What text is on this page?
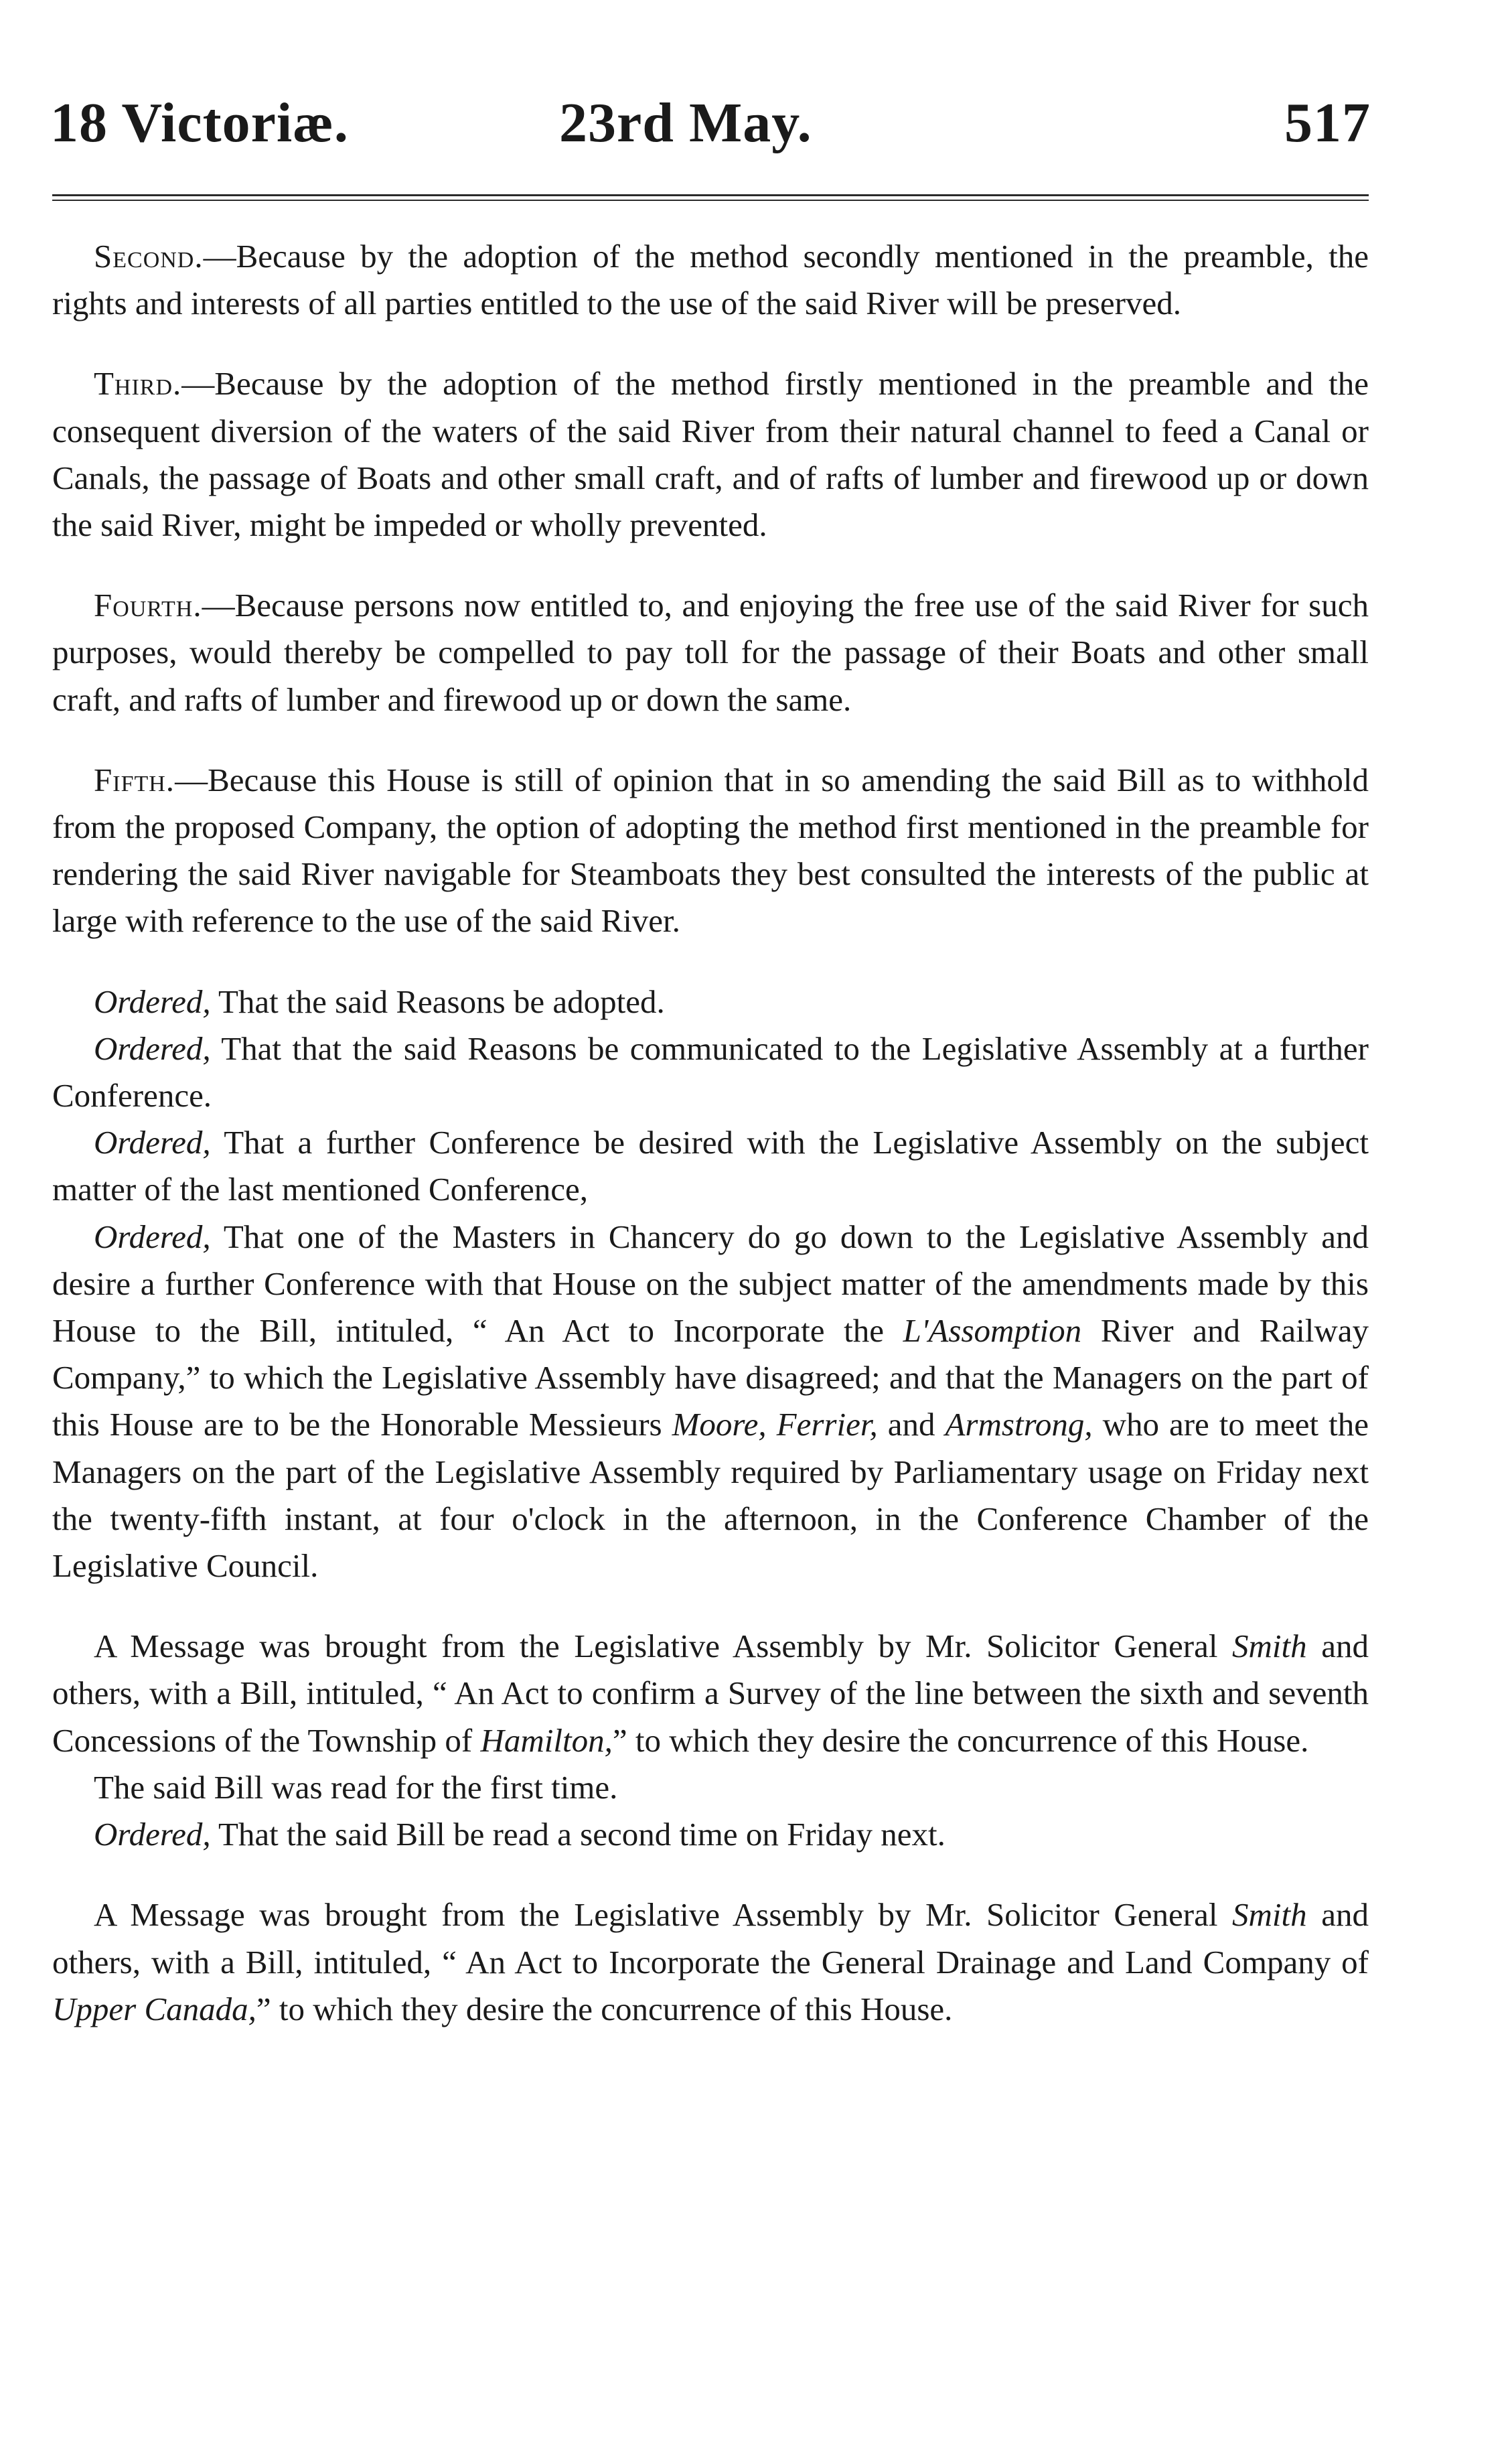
18 Victoriæ.	23rd May.	517

Second.—Because by the adoption of the method secondly mentioned in the preamble, the rights and interests of all parties entitled to the use of the said River will be preserved.

Third.—Because by the adoption of the method firstly mentioned in the preamble and the consequent diversion of the waters of the said River from their natural channel to feed a Canal or Canals, the passage of Boats and other small craft, and of rafts of lumber and firewood up or down the said River, might be impeded or wholly prevented.

Fourth.—Because persons now entitled to, and enjoying the free use of the said River for such purposes, would thereby be compelled to pay toll for the passage of their Boats and other small craft, and rafts of lumber and firewood up or down the same.

Fifth.—Because this House is still of opinion that in so amending the said Bill as to withhold from the proposed Company, the option of adopting the method first mentioned in the preamble for rendering the said River navigable for Steamboats they best consulted the interests of the public at large with reference to the use of the said River.

Ordered, That the said Reasons be adopted.

Ordered, That that the said Reasons be communicated to the Legislative Assembly at a further Conference.

Ordered, That a further Conference be desired with the Legislative Assembly on the subject matter of the last mentioned Conference,

Ordered, That one of the Masters in Chancery do go down to the Legislative Assembly and desire a further Conference with that House on the subject matter of the amendments made by this House to the Bill, intituled, “ An Act to Incorporate the L'Assomption River and Railway Company,” to which the Legislative Assembly have disagreed; and that the Managers on the part of this House are to be the Honorable Messieurs Moore, Ferrier, and Armstrong, who are to meet the Managers on the part of the Legislative Assembly required by Parliamentary usage on Friday next the twenty-fifth instant, at four o'clock in the afternoon, in the Conference Chamber of the Legislative Council.

A Message was brought from the Legislative Assembly by Mr. Solicitor General Smith and others, with a Bill, intituled, “ An Act to confirm a Survey of the line between the sixth and seventh Concessions of the Township of Hamilton,” to which they desire the concurrence of this House.

The said Bill was read for the first time.

Ordered, That the said Bill be read a second time on Friday next.

A Message was brought from the Legislative Assembly by Mr. Solicitor General Smith and others, with a Bill, intituled, “ An Act to Incorporate the General Drainage and Land Company of Upper Canada,” to which they desire the concurrence of this House.
